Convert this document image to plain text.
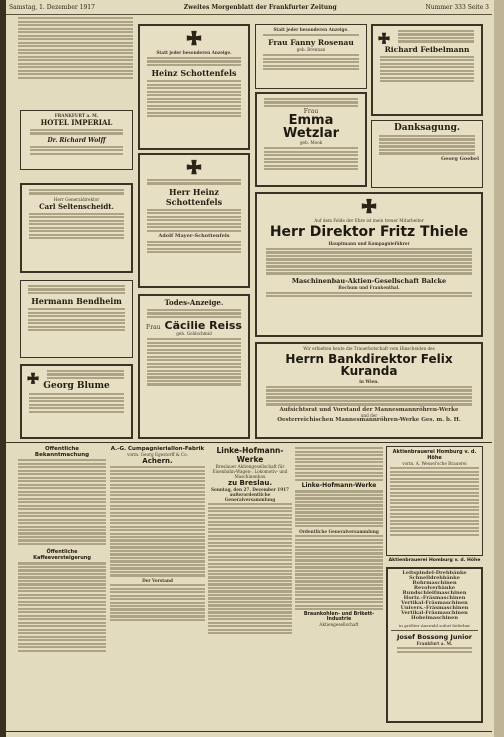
Samstag, 1. Dezember 1917	Zweites Morgenblatt der Frankfurter Zeitung	Nummer 333 Seite 3
FRANKFURT a. M.
HOTEL IMPERIAL
Dr. Richard Wolff
Herr Generaldirektor
Carl Seltenscheidt.
Hermann Bendheim
Georg Blume
Statt jeder besonderen Anzeige.
Heinz Schottenfels
Herr Heinz Schottenfels
Adolf Mayer-Schottenfels
Todes-Anzeige.
Frau Cäcilie Reiss
geb. Goldschmid
Statt jeder besonderen Anzeige.
Frau Fanny Rosenau
geb. Brennan
Frau
Emma Wetzlar
geb. Mook
Richard Feibelmann
Danksagung.
Georg Goebel
Auf dem Felde der Ehre ist mein treuer Mitarbeiter
Herr Direktor Fritz Thiele
Hauptmann und Kompagnieführer
Maschinenbau-Aktien-Gesellschaft Balcke
Bochum und Frankenthal.
Wir erhielten heute die Trauerbotschaft vom Hinscheiden des
Herrn Bankdirektor Felix Kuranda
in Wien.
Aufsichtsrat und Vorstand der Mannesmannröhren-Werke
und der
Oesterreichischen Mannesmannröhren-Werke Ges. m. b. H.
Öffentliche Bekanntmachung
Öffentliche Kaffeeversteigerung
A.-G. Cumpagnieriallon-Fabrik
vorm. Georg Egestorff & Co.
Achern.
Der Vorstand
Linke-Hofmann-Werke
Breslauer Aktiengesellschaft für Eisenbahn-Wagen-, Lokomotiv- und Maschinenbau
zu Breslau.
Sonntag, den 27. Dezember 1917
außerordentliche Generalversammlung
Linke-Hofmann-Werke
Ordentliche Generalversammlung
Braunkohlen- und Brikett-Industrie
Aktiengesellschaft
Aktienbrauerei Homburg v. d. Höhe
vorm. A. Wessel'sche Brauerei
Aktienbrauerei Homburg v. d. Höhe
Leitspindel-Drehbänke
Schnelldrehbänke
Bohrmaschinen
Revolverbänke
Rundschleifmaschinen
Horiz.-Fräsmaschinen
Vertikal-Fräsmaschinen
Univers.-Fräsmaschinen
Vertikal-Fräsmaschinen
Hobelmaschinen
in größter Auswahl sofort lieferbar
Josef Bossong Junior
Frankfurt a. M.
